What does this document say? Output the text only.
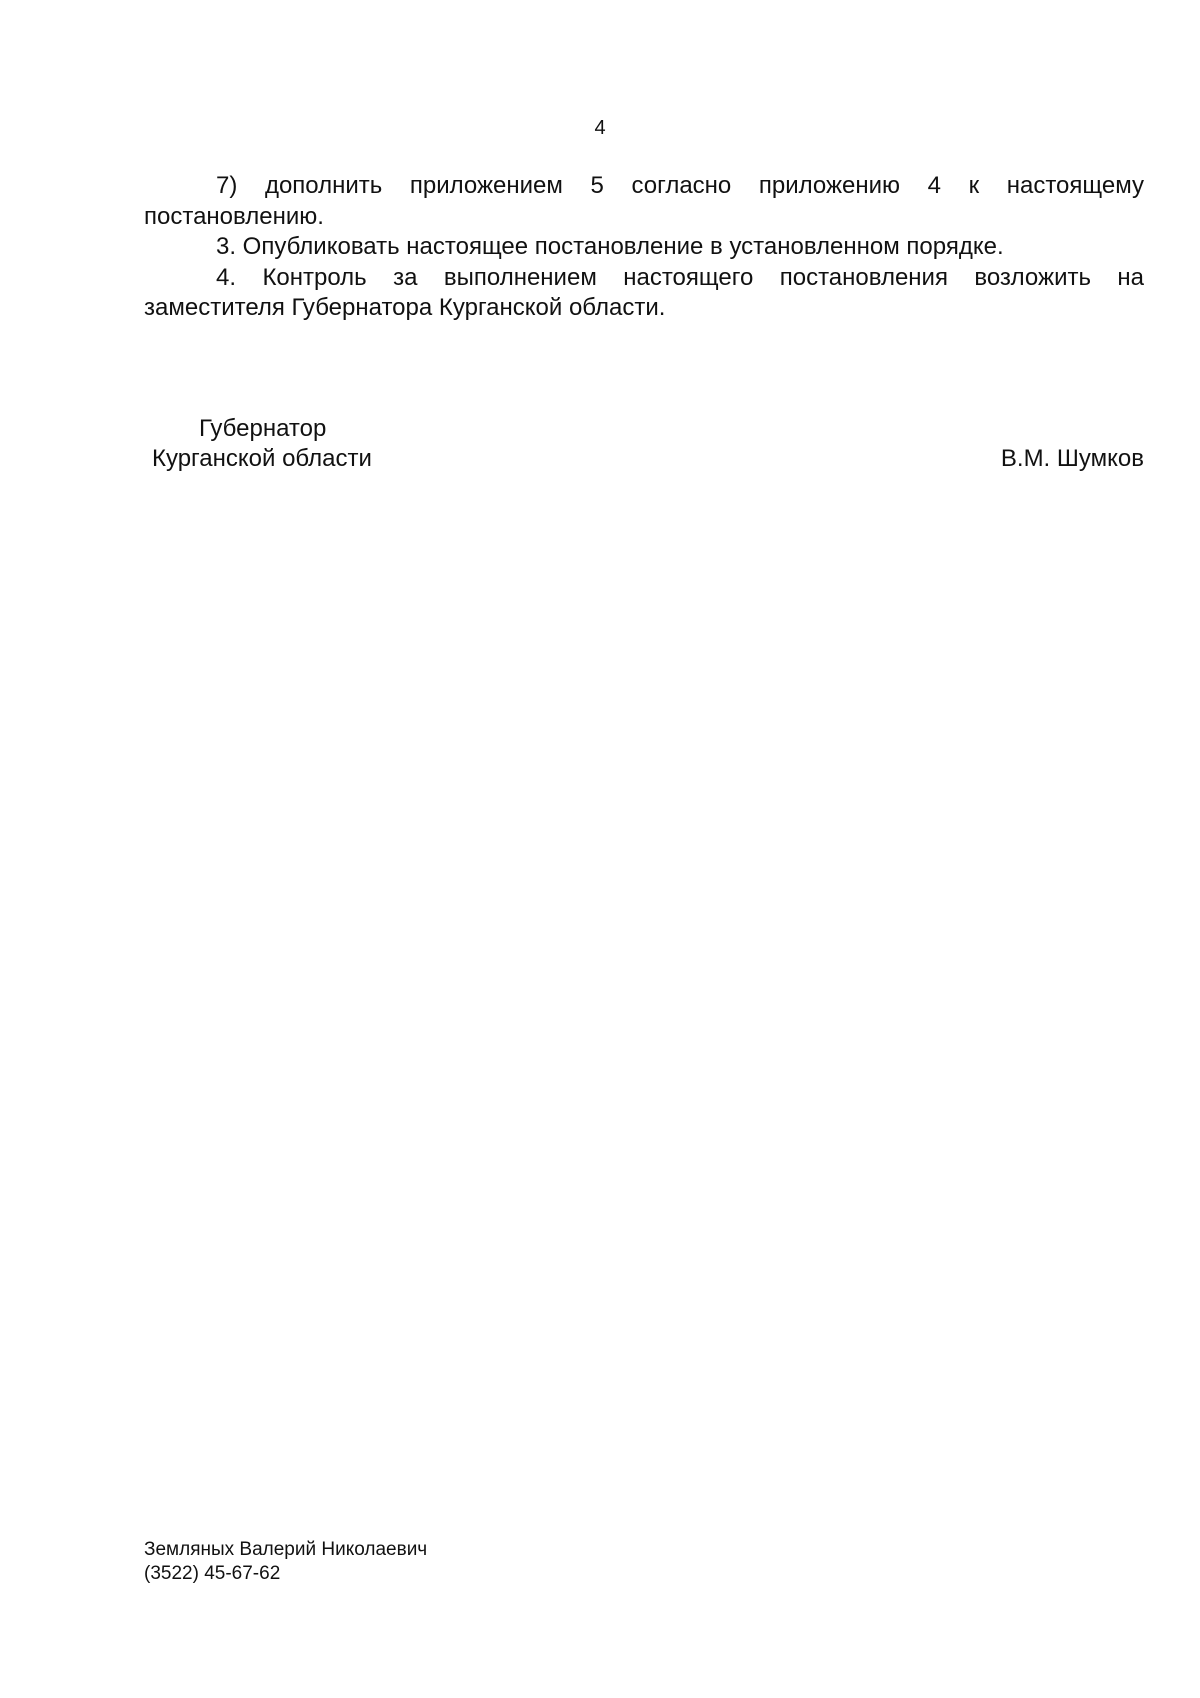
4

7) дополнить приложением 5 согласно приложению 4 к настоящему постановлению.

3. Опубликовать настоящее постановление в установленном порядке.

4. Контроль за выполнением настоящего постановления возложить на заместителя Губернатора Курганской области.

Губернатор
Курганской области	В.М. Шумков
Земляных Валерий Николаевич
(3522) 45-67-62
